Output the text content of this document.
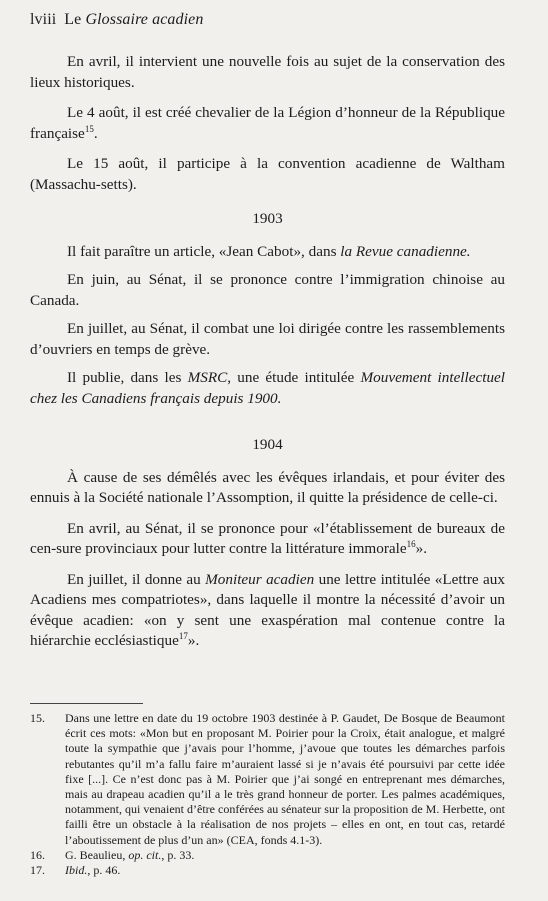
lviii Le Glossaire acadien

En avril, il intervient une nouvelle fois au sujet de la conservation des lieux historiques.

Le 4 août, il est créé chevalier de la Légion d’honneur de la République française$^{15}$.

Le 15 août, il participe à la convention acadienne de Waltham (Massachu-setts).

1903

Il fait paraître un article, «Jean Cabot», dans la Revue canadienne.

En juin, au Sénat, il se prononce contre l’immigration chinoise au Canada.

En juillet, au Sénat, il combat une loi dirigée contre les rassemblements d’ouvriers en temps de grève.

Il publie, dans les MSRC, une étude intitulée Mouvement intellectuel chez les Canadiens français depuis 1900.

1904

À cause de ses démêlés avec les évêques irlandais, et pour éviter des ennuis à la Société nationale l’Assomption, il quitte la présidence de celle-ci.

En avril, au Sénat, il se prononce pour «l’établissement de bureaux de cen-sure provinciaux pour lutter contre la littérature immorale$^{16}$».

En juillet, il donne au Moniteur acadien une lettre intitulée «Lettre aux Acadiens mes compatriotes», dans laquelle il montre la nécessité d’avoir un évêque acadien: «on y sent une exaspération mal contenue contre la hiérarchie ecclésiastique$^{17}$».

15.	Dans une lettre en date du 19 octobre 1903 destinée à P. Gaudet, De Bosque de Beaumont écrit ces mots: «Mon but en proposant M. Poirier pour la Croix, était analogue, et malgré toute la sympathie que j’avais pour l’homme, j’avoue que toutes les démarches parfois rebutantes qu’il m’a fallu faire m’auraient lassé si je n’avais été poursuivi par cette idée fixe [...]. Ce n’est donc pas à M. Poirier que j’ai songé en entreprenant mes démarches, mais au drapeau acadien qu’il a le très grand honneur de porter. Les palmes académiques, notamment, qui venaient d’être conférées au sénateur sur la proposition de M. Herbette, ont failli être un obstacle à la réalisation de nos projets – elles en ont, en tout cas, retardé l’aboutissement de plus d’un an» (CEA, fonds 4.1-3).
16.	G. Beaulieu, op. cit., p. 33.
17.	Ibid., p. 46.
